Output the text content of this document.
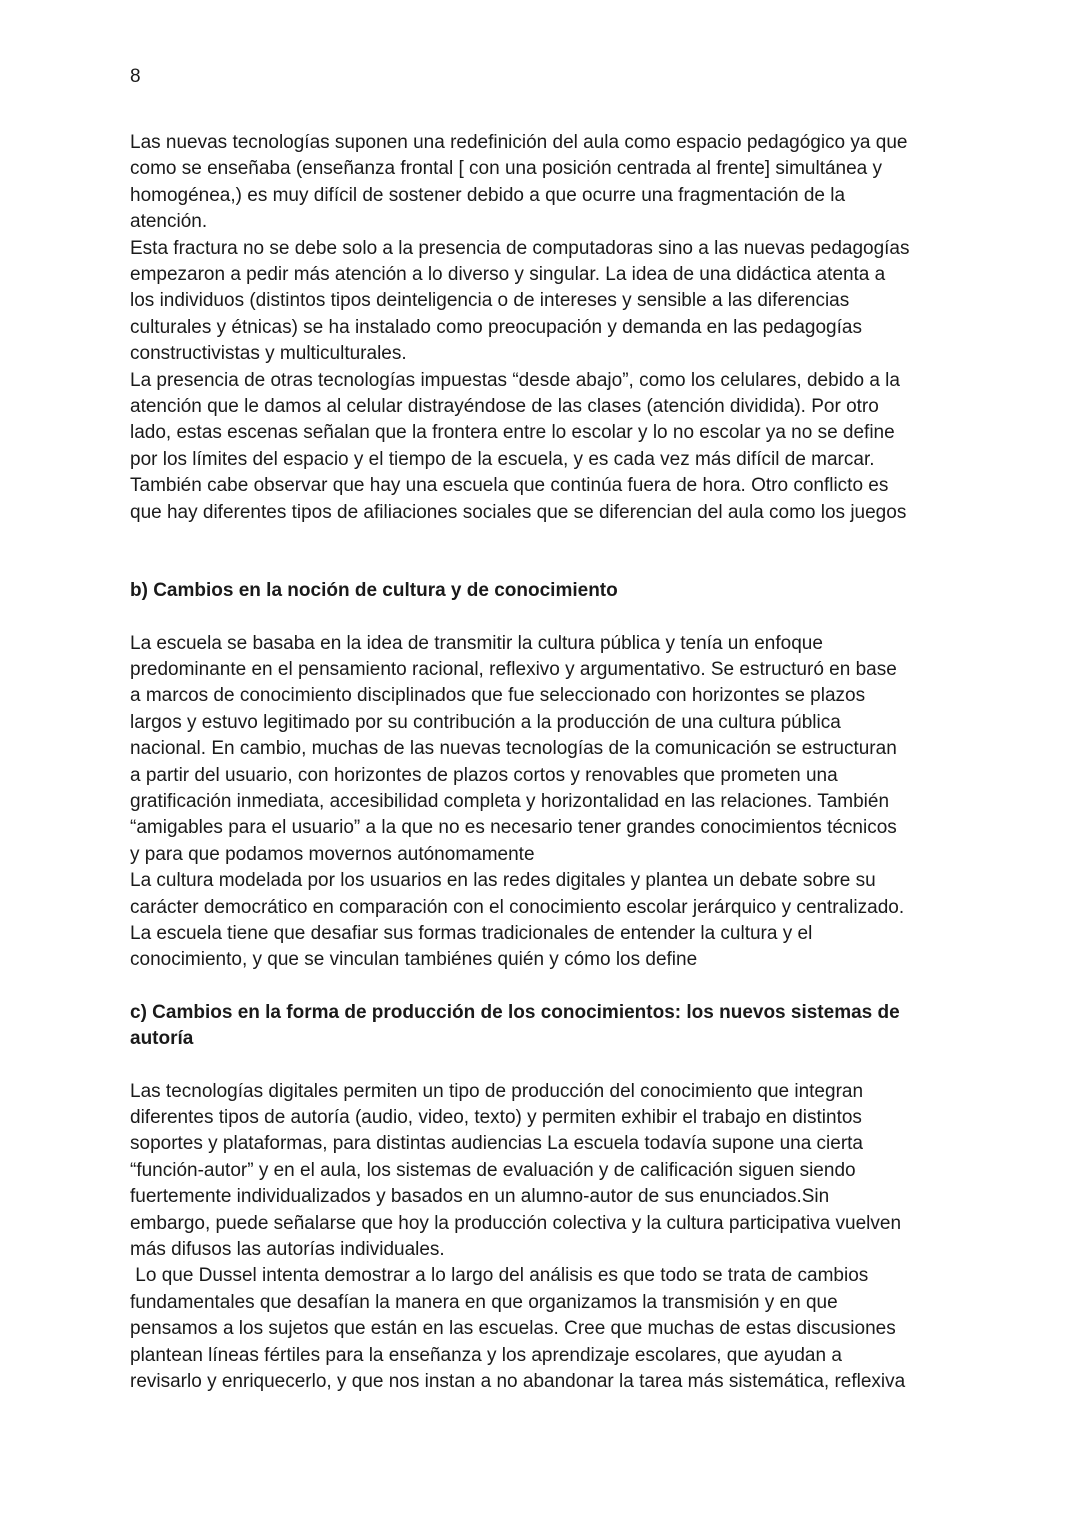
8
Las nuevas tecnologías suponen una redefinición del aula como espacio pedagógico ya que
como se enseñaba (enseñanza frontal [ con una posición centrada al frente] simultánea y
homogénea,) es muy difícil de sostener debido a que ocurre una fragmentación de la
atención.
Esta fractura no se debe solo a la presencia de computadoras sino a las nuevas pedagogías
empezaron a pedir más atención a lo diverso y singular. La idea de una didáctica atenta a
los individuos (distintos tipos deinteligencia o de intereses y sensible a las diferencias
culturales y étnicas) se ha instalado como preocupación y demanda en las pedagogías
constructivistas y multiculturales.
La presencia de otras tecnologías impuestas “desde abajo”, como los celulares, debido a la
atención que le damos al celular distrayéndose de las clases (atención dividida). Por otro
lado, estas escenas señalan que la frontera entre lo escolar y lo no escolar ya no se define
por los límites del espacio y el tiempo de la escuela, y es cada vez más difícil de marcar.
También cabe observar que hay una escuela que continúa fuera de hora. Otro conflicto es
que hay diferentes tipos de afiliaciones sociales que se diferencian del aula como los juegos
b) Cambios en la noción de cultura y de conocimiento
La escuela se basaba en la idea de transmitir la cultura pública y tenía un enfoque
predominante en el pensamiento racional, reflexivo y argumentativo. Se estructuró en base
a marcos de conocimiento disciplinados que fue seleccionado con horizontes se plazos
largos y estuvo legitimado por su contribución a la producción de una cultura pública
nacional. En cambio, muchas de las nuevas tecnologías de la comunicación se estructuran
a partir del usuario, con horizontes de plazos cortos y renovables que prometen una
gratificación inmediata, accesibilidad completa y horizontalidad en las relaciones. También
“amigables para el usuario” a la que no es necesario tener grandes conocimientos técnicos
y para que podamos movernos autónomamente
La cultura modelada por los usuarios en las redes digitales y plantea un debate sobre su
carácter democrático en comparación con el conocimiento escolar jerárquico y centralizado.
La escuela tiene que desafiar sus formas tradicionales de entender la cultura y el
conocimiento, y que se vinculan tambiénes quién y cómo los define
c) Cambios en la forma de producción de los conocimientos: los nuevos sistemas de
autoría
Las tecnologías digitales permiten un tipo de producción del conocimiento que integran
diferentes tipos de autoría (audio, video, texto) y permiten exhibir el trabajo en distintos
soportes y plataformas, para distintas audiencias La escuela todavía supone una cierta
“función-autor” y en el aula, los sistemas de evaluación y de calificación siguen siendo
fuertemente individualizados y basados en un alumno-autor de sus enunciados.Sin
embargo, puede señalarse que hoy la producción colectiva y la cultura participativa vuelven
más difusos las autorías individuales.
Lo que Dussel intenta demostrar a lo largo del análisis es que todo se trata de cambios
fundamentales que desafían la manera en que organizamos la transmisión y en que
pensamos a los sujetos que están en las escuelas. Cree que muchas de estas discusiones
plantean líneas fértiles para la enseñanza y los aprendizaje escolares, que ayudan a
revisarlo y enriquecerlo, y que nos instan a no abandonar la tarea más sistemática, reflexiva
